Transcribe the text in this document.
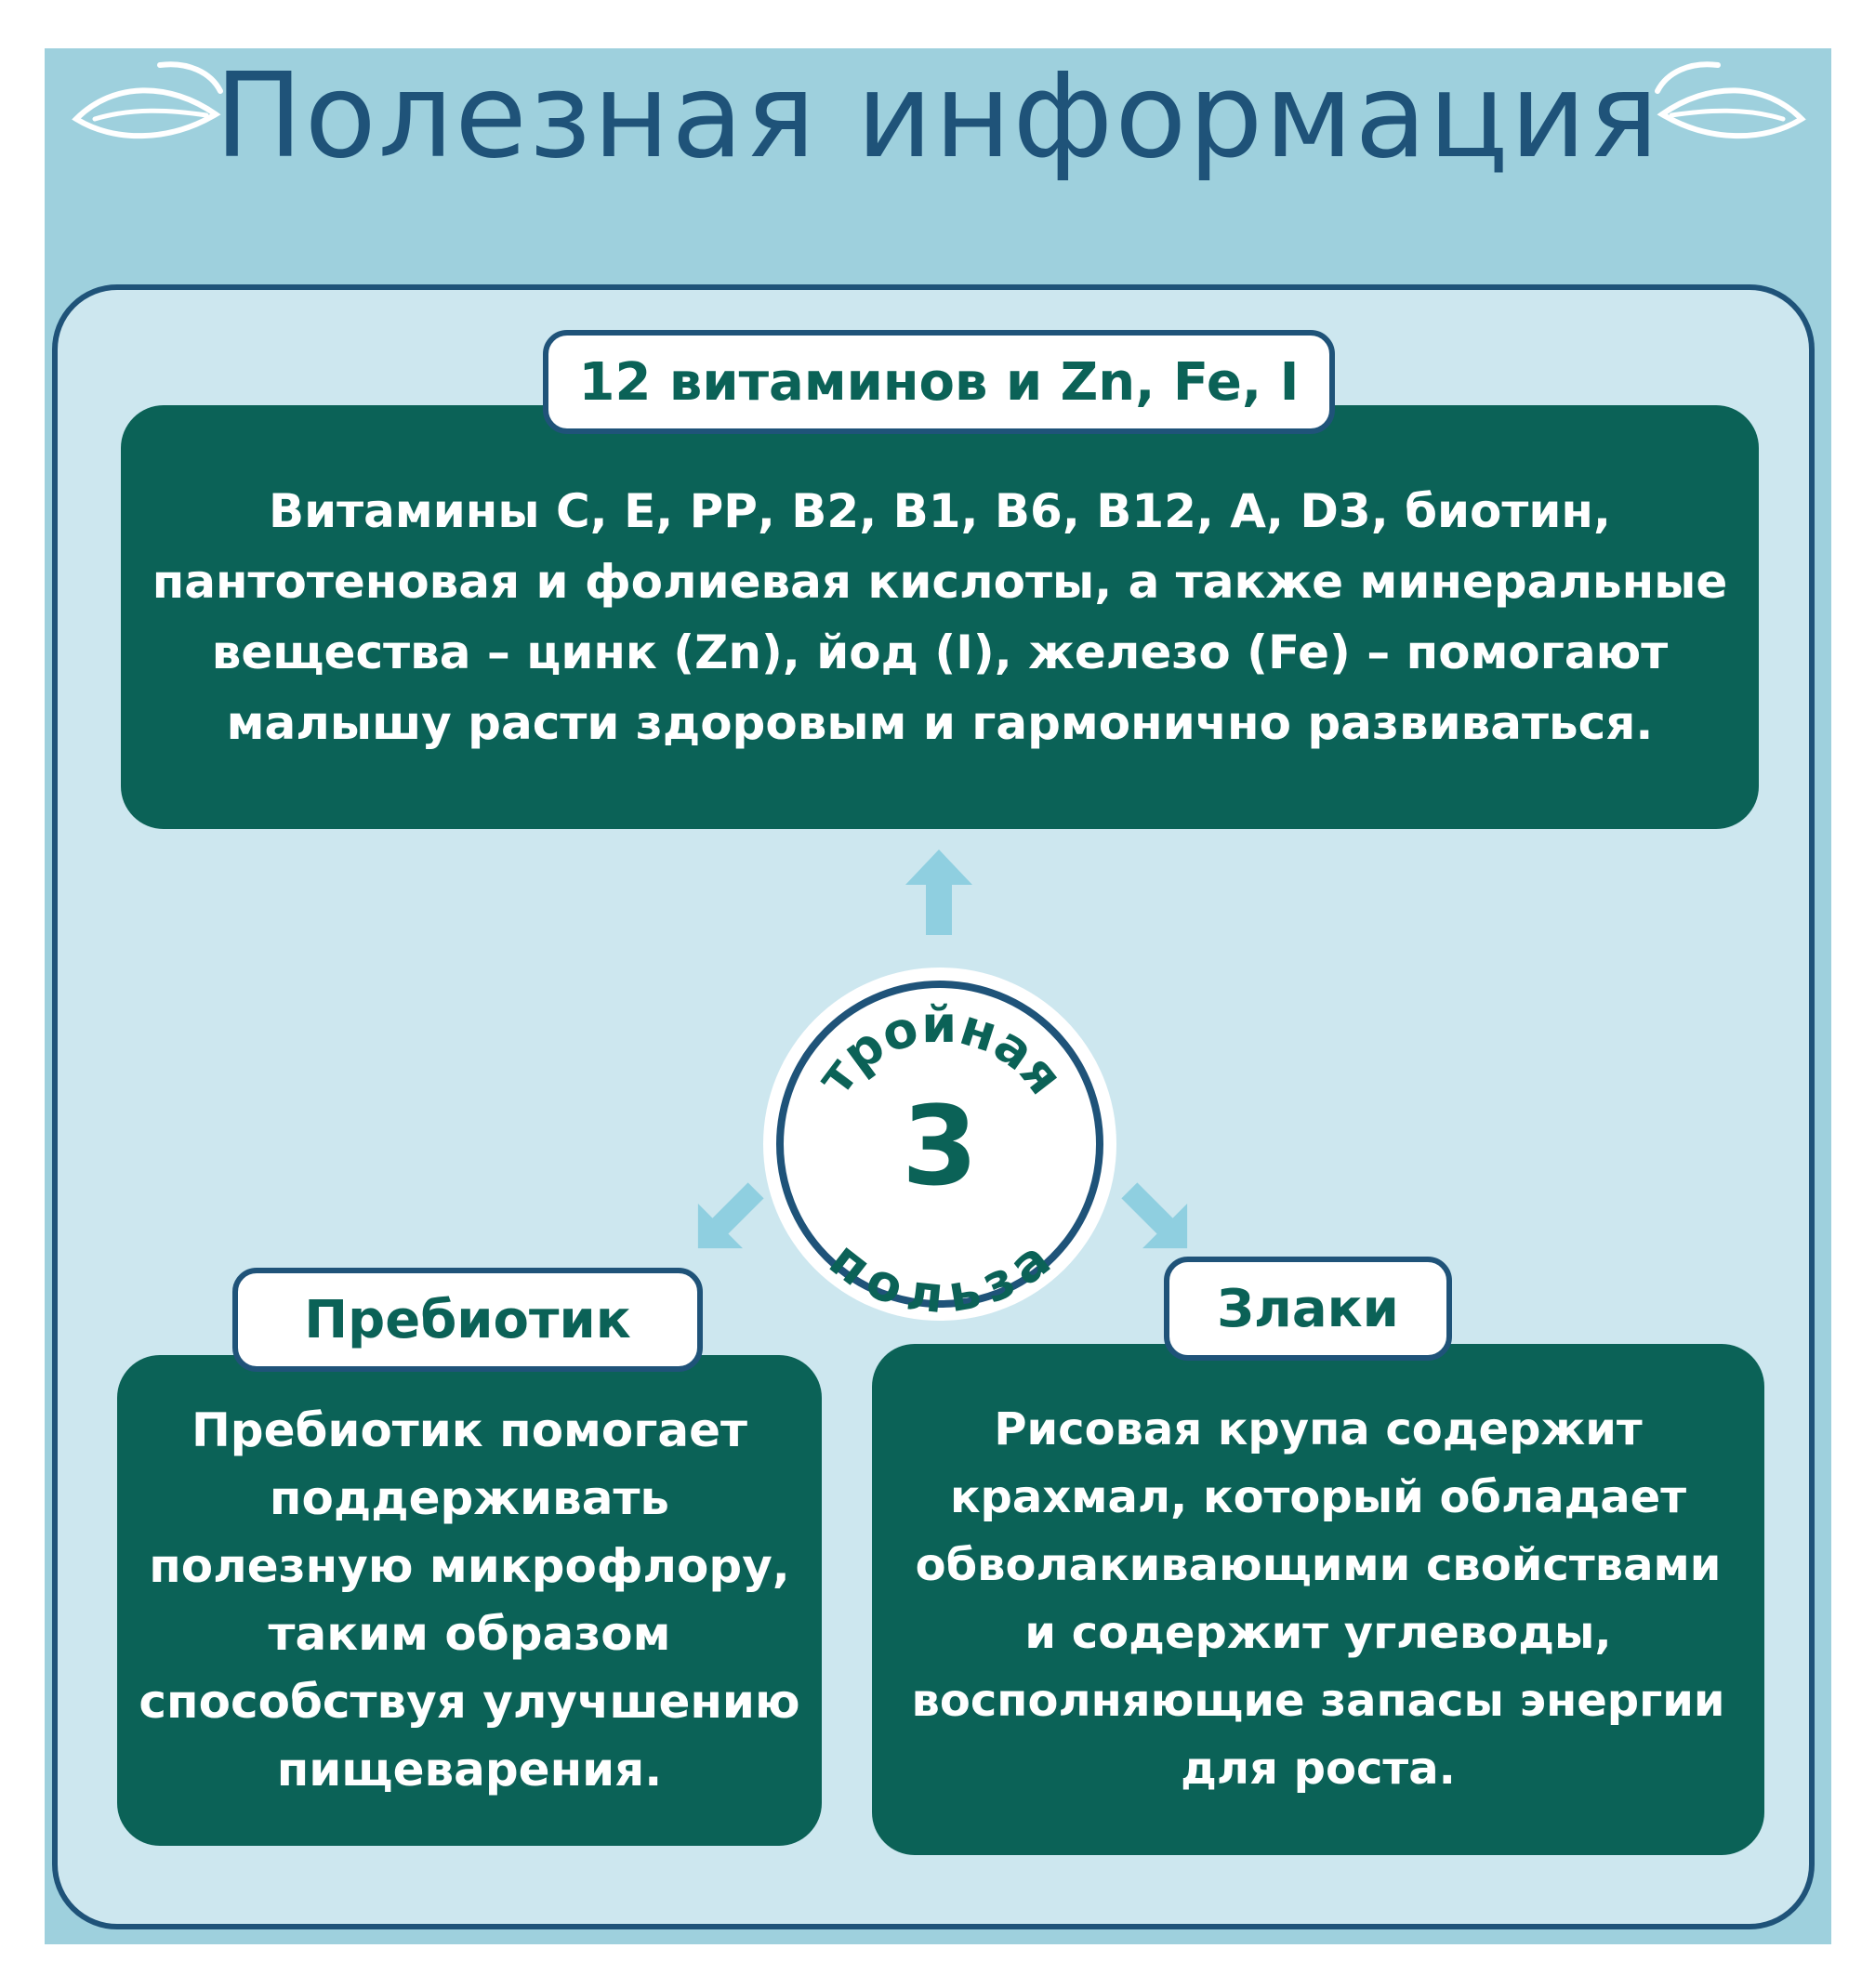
Полезная информация
Витамины С, Е, РР, В2, В1, В6, В12, А, D3, биотин,
пантотеновая и фолиевая кислоты, а также минеральные
вещества – цинк (Zn), йод (I), железо (Fe) – помогают
малышу расти здоровым и гармонично развиваться.
12 витаминов и Zn, Fe, I
тройная
3
польза
Пребиотик помогает
поддерживать
полезную микрофлору,
таким образом
способствуя улучшению
пищеварения.
Пребиотик
Рисовая крупа содержит
крахмал, который обладает
обволакивающими свойствами
и содержит углеводы,
восполняющие запасы энергии
для роста.
Злаки
